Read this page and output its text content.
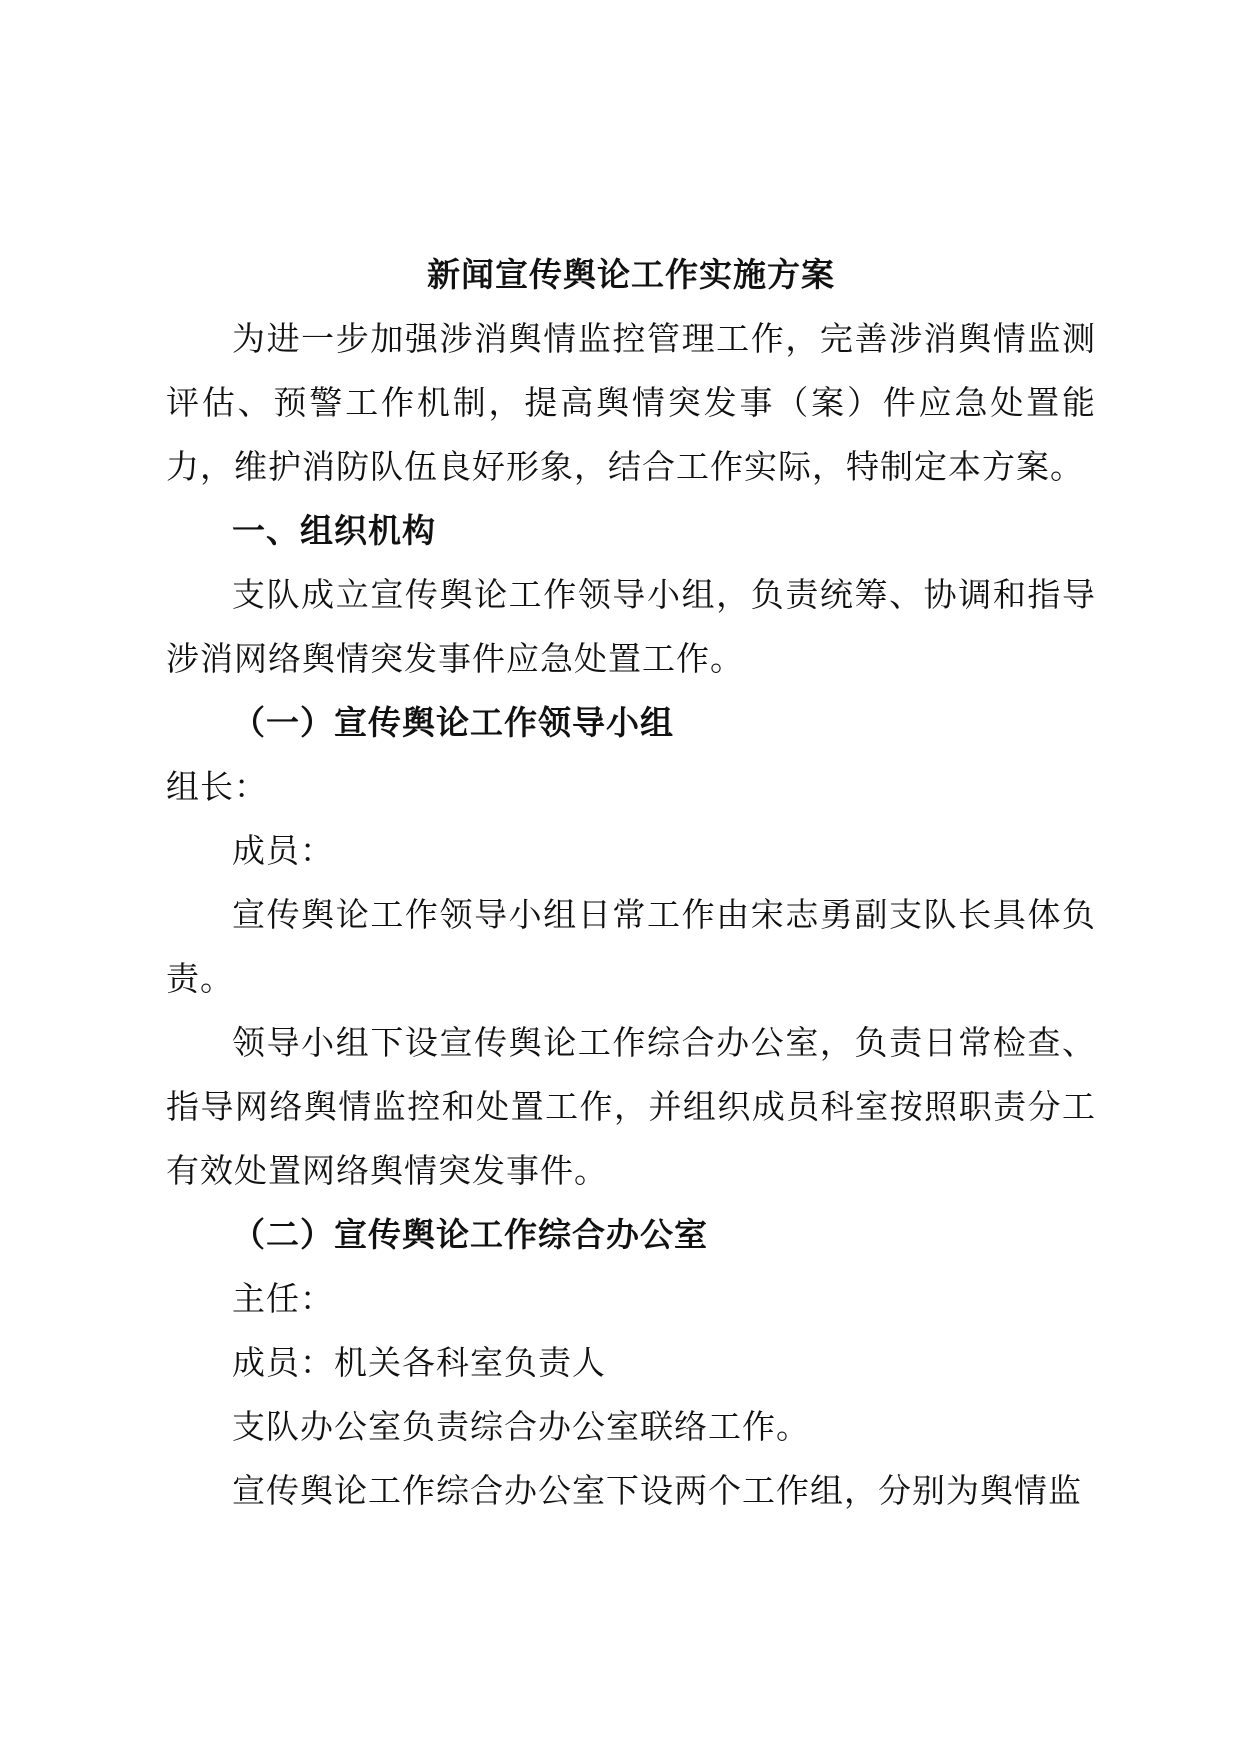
新闻宣传舆论工作实施方案

为进一步加强涉消舆情监控管理工作，完善涉消舆情监测评估、预警工作机制，提高舆情突发事（案）件应急处置能力，维护消防队伍良好形象，结合工作实际，特制定本方案。

一、组织机构

支队成立宣传舆论工作领导小组，负责统筹、协调和指导涉消网络舆情突发事件应急处置工作。

（一）宣传舆论工作领导小组

组长：

成员：

宣传舆论工作领导小组日常工作由宋志勇副支队长具体负责。

领导小组下设宣传舆论工作综合办公室，负责日常检查、指导网络舆情监控和处置工作，并组织成员科室按照职责分工有效处置网络舆情突发事件。

（二）宣传舆论工作综合办公室

主任：

成员：机关各科室负责人

支队办公室负责综合办公室联络工作。

宣传舆论工作综合办公室下设两个工作组，分别为舆情监
